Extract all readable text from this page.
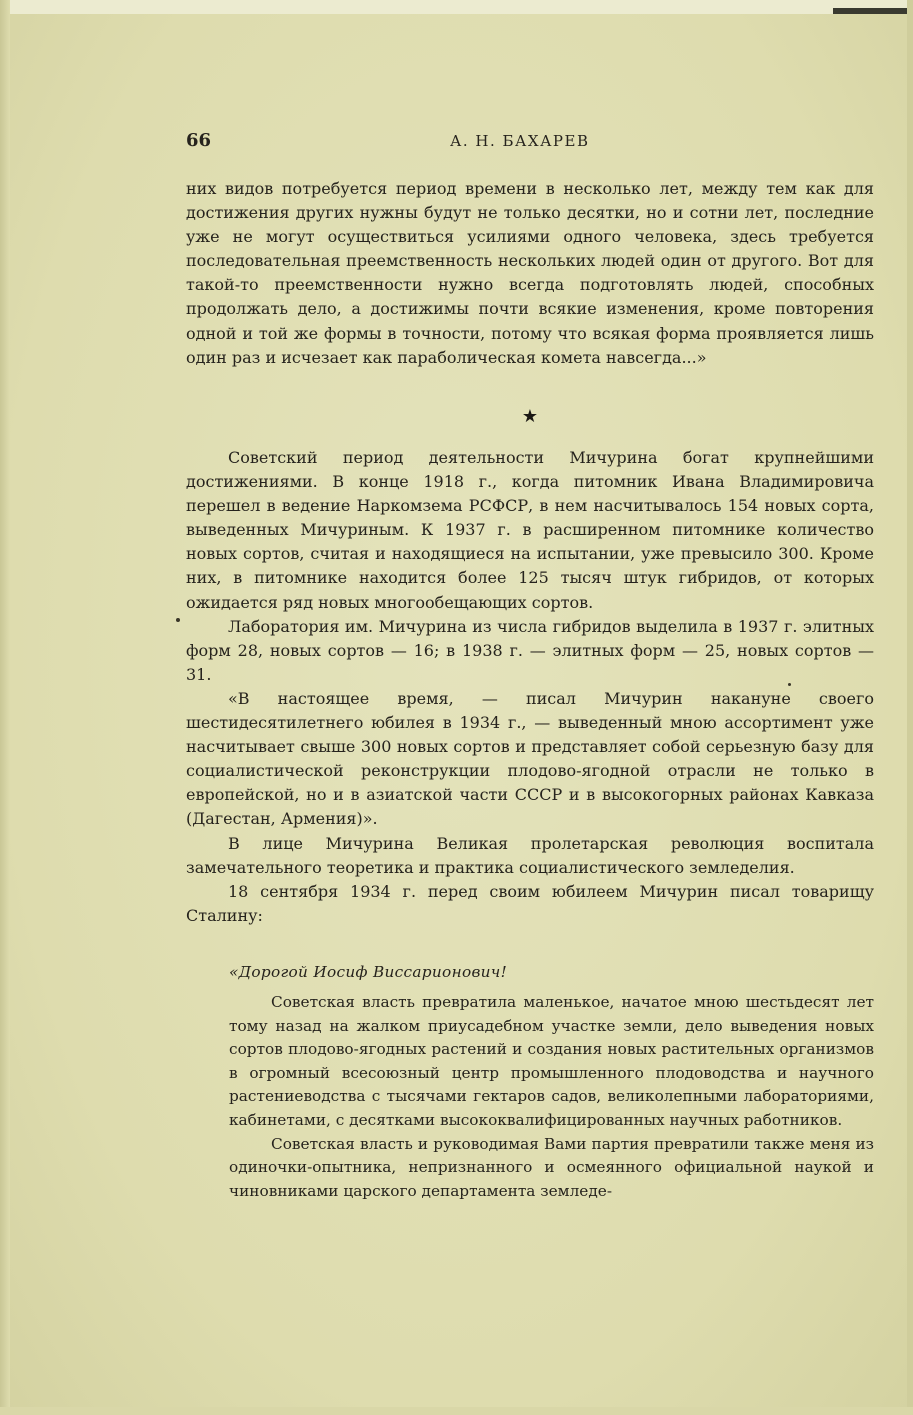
66	А. Н. БАХАРЕВ

них видов потребуется период времени в несколько лет, между тем как для достижения других нужны будут не только десятки, но и сотни лет, последние уже не могут осуществиться усилиями одного человека, здесь требуется последовательная преемственность нескольких людей один от другого. Вот для такой-то преемственности нужно всегда подготовлять людей, способных продолжать дело, а достижимы почти всякие изменения, кроме повторения одной и той же формы в точности, потому что всякая форма проявляется лишь один раз и исчезает как параболическая комета навсегда...»

★

Советский период деятельности Мичурина богат крупнейшими достижениями. В конце 1918 г., когда питомник Ивана Владимировича перешел в ведение Наркомзема РСФСР, в нем насчитывалось 154 новых сорта, выведенных Мичуриным. К 1937 г. в расширенном питомнике количество новых сортов, считая и находящиеся на испытании, уже превысило 300. Кроме них, в питомнике находится более 125 тысяч штук гибридов, от которых ожидается ряд новых многообещающих сортов.

Лаборатория им. Мичурина из числа гибридов выделила в 1937 г. элитных форм 28, новых сортов — 16; в 1938 г. — элитных форм — 25, новых сортов — 31.

«В настоящее время, — писал Мичурин накануне своего шестидесятилетнего юбилея в 1934 г., — выведенный мною ассортимент уже насчитывает свыше 300 новых сортов и представляет собой серьезную базу для социалистической реконструкции плодово-ягодной отрасли не только в европейской, но и в азиатской части СССР и в высокогорных районах Кавказа (Дагестан, Армения)».

В лице Мичурина Великая пролетарская революция воспитала замечательного теоретика и практика социалистического земледелия.

18 сентября 1934 г. перед своим юбилеем Мичурин писал товарищу Сталину:

«Дорогой Иосиф Виссарионович!

Советская власть превратила маленькое, начатое мною шестьдесят лет тому назад на жалком приусадебном участке земли, дело выведения новых сортов плодово-ягодных растений и создания новых растительных организмов в огромный всесоюзный центр промышленного плодоводства и научного растениеводства с тысячами гектаров садов, великолепными лабораториями, кабинетами, с десятками высококвалифицированных научных работников.

Советская власть и руководимая Вами партия превратили также меня из одиночки-опытника, непризнанного и осмеянного официальной наукой и чиновниками царского департамента земледе-
